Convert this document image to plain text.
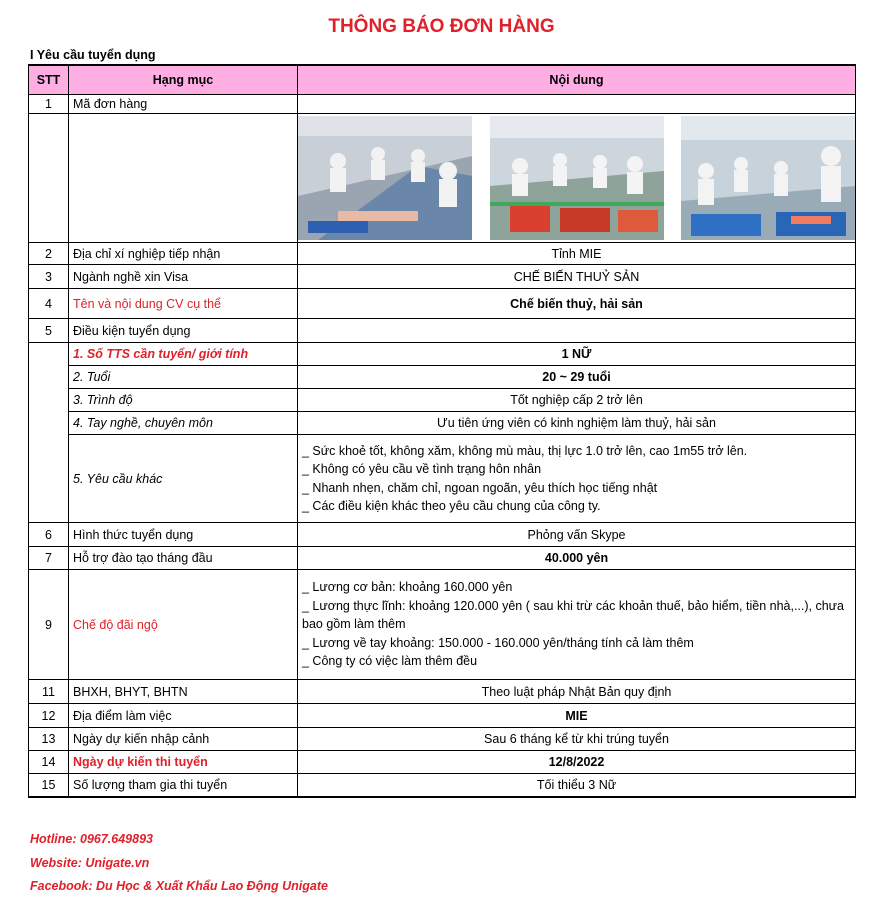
THÔNG BÁO ĐƠN HÀNG
I Yêu cầu tuyển dụng
STT	Hạng mục	Nội dung
1	Mã đơn hàng	

2	Địa chỉ xí nghiệp tiếp nhận	Tỉnh MIE
3	Ngành nghề xin Visa	CHẾ BIẾN THUỶ SẢN
4	Tên và nội dung CV cụ thể	Chế biến thuỷ, hải sản
5	Điều kiện tuyển dụng	
	1. Số TTS cần tuyển/ giới tính	1 NỮ
	2. Tuổi	20 ~ 29 tuổi
	3. Trình độ	Tốt nghiệp cấp 2 trở lên
	4. Tay nghề, chuyên môn	Ưu tiên ứng viên có kinh nghiệm làm thuỷ, hải sản
	5. Yêu cầu khác	_ Sức khoẻ tốt, không xăm, không mù màu, thị lực 1.0 trở lên, cao 1m55 trở lên.
_ Không có yêu cầu về tình trạng hôn nhân
_ Nhanh nhẹn, chăm chỉ, ngoan ngoãn, yêu thích học tiếng nhật
_ Các điều kiện khác theo yêu cầu chung của công ty.

6	Hình thức tuyển dụng	Phỏng vấn Skype
7	Hỗ trợ đào tạo tháng đầu	40.000 yên
9	Chế độ đãi ngộ	_ Lương cơ bản: khoảng 160.000 yên
_ Lương thực lĩnh: khoảng 120.000 yên ( sau khi trừ các khoản thuế, bảo hiểm, tiền nhà,...), chưa
bao gồm làm thêm
_ Lương về tay khoảng: 150.000 - 160.000 yên/tháng tính cả làm thêm
_ Công ty có việc làm thêm đều

11	BHXH, BHYT, BHTN	Theo luật pháp Nhật Bản quy định
12	Địa điểm làm việc	MIE
13	Ngày dự kiến nhập cảnh	Sau 6 tháng kể từ khi trúng tuyển
14	Ngày dự kiến thi tuyển	12/8/2022
15	Số lượng tham gia thi tuyển	Tối thiểu 3 Nữ
Hotline: 0967.649893
Website: Unigate.vn
Facebook: Du Học & Xuất Khẩu Lao Động Unigate
